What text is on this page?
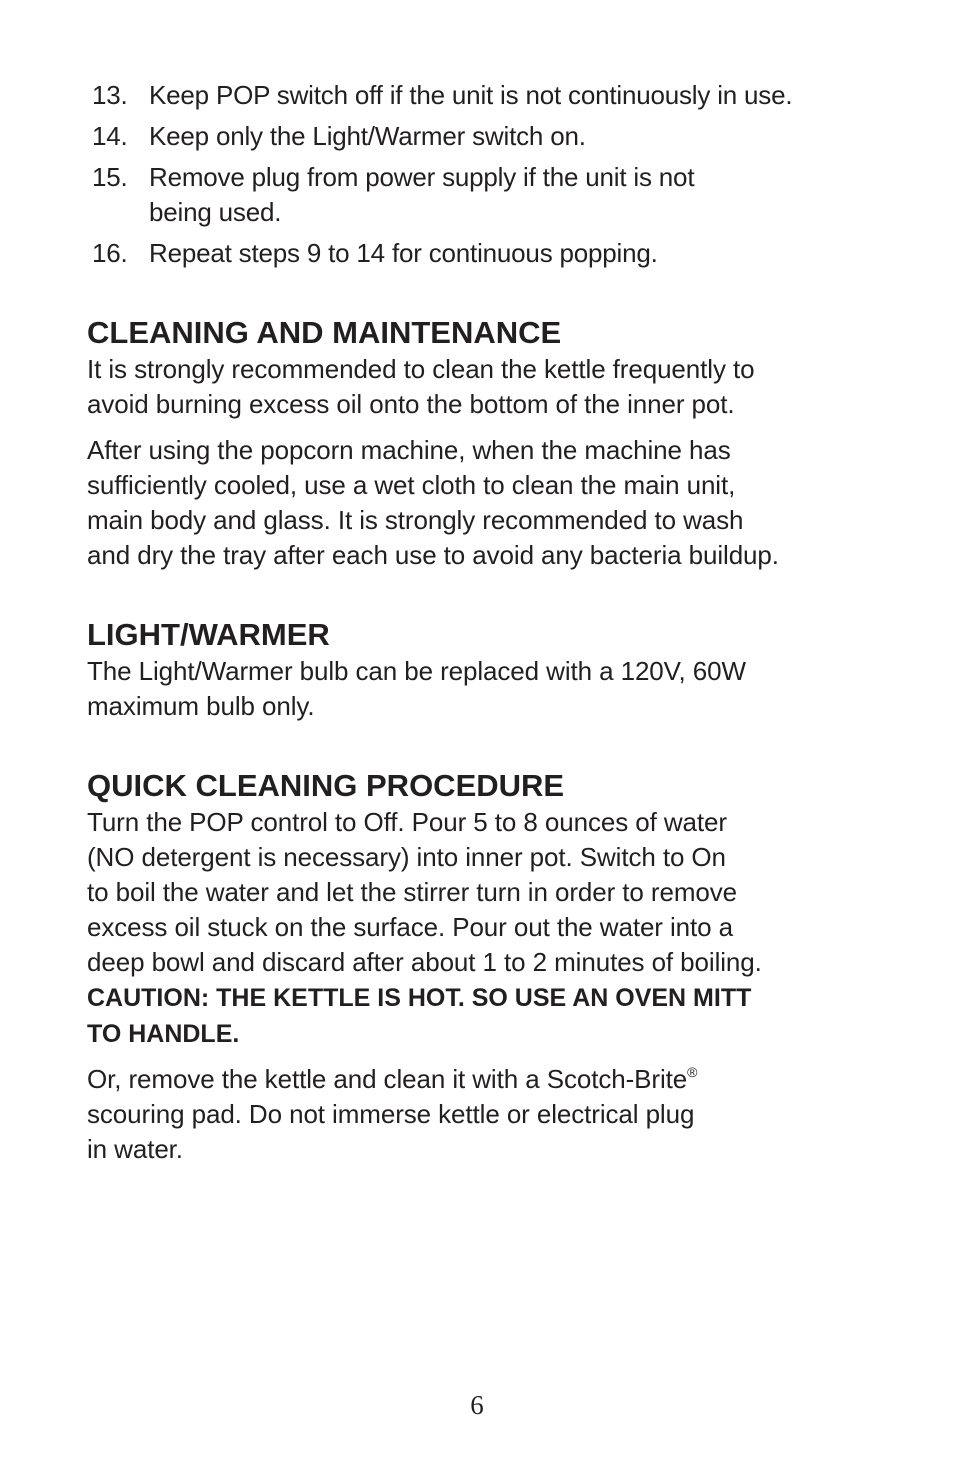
13. Keep POP switch off if the unit is not continuously in use.
14. Keep only the Light/Warmer switch on.
15. Remove plug from power supply if the unit is not
being used.
16. Repeat steps 9 to 14 for continuous popping.
CLEANING AND MAINTENANCE

It is strongly recommended to clean the kettle frequently to
avoid burning excess oil onto the bottom of the inner pot.

After using the popcorn machine, when the machine has
sufficiently cooled, use a wet cloth to clean the main unit,
main body and glass. It is strongly recommended to wash
and dry the tray after each use to avoid any bacteria buildup.

LIGHT/WARMER

The Light/Warmer bulb can be replaced with a 120V, 60W
maximum bulb only.

QUICK CLEANING PROCEDURE

Turn the POP control to Off. Pour 5 to 8 ounces of water
(NO detergent is necessary) into inner pot. Switch to On
to boil the water and let the stirrer turn in order to remove
excess oil stuck on the surface. Pour out the water into a
deep bowl and discard after about 1 to 2 minutes of boiling.
CAUTION: THE KETTLE IS HOT. SO USE AN OVEN MITT
TO HANDLE.

Or, remove the kettle and clean it with a Scotch-Brite®
scouring pad. Do not immerse kettle or electrical plug
in water.

6
